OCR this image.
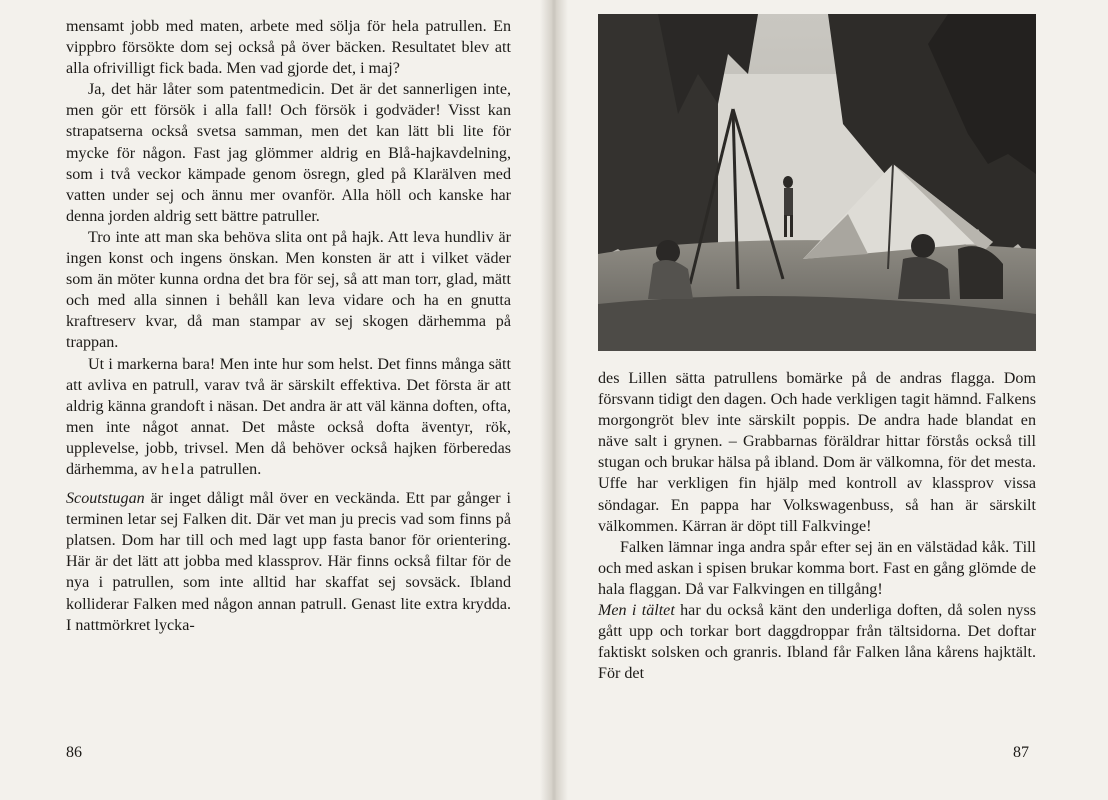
mensamt jobb med maten, arbete med sölja för hela patrullen. En vippbro försökte dom sej också på över bäcken. Resultatet blev att alla ofrivilligt fick bada. Men vad gjorde det, i maj?

Ja, det här låter som patentmedicin. Det är det sannerligen inte, men gör ett försök i alla fall! Och försök i godväder! Visst kan strapatserna också svetsa samman, men det kan lätt bli lite för mycke för någon. Fast jag glömmer aldrig en Blå-hajkavdelning, som i två veckor kämpade genom ösregn, gled på Klarälven med vatten under sej och ännu mer ovanför. Alla höll och kanske har denna jorden aldrig sett bättre patruller.

Tro inte att man ska behöva slita ont på hajk. Att leva hundliv är ingen konst och ingens önskan. Men konsten är att i vilket väder som än möter kunna ordna det bra för sej, så att man torr, glad, mätt och med alla sinnen i behåll kan leva vidare och ha en gnutta kraftreserv kvar, då man stampar av sej skogen därhemma på trappan.

Ut i markerna bara! Men inte hur som helst. Det finns många sätt att avliva en patrull, varav två är särskilt effektiva. Det första är att aldrig känna grandoft i näsan. Det andra är att väl känna doften, ofta, men inte något annat. Det måste också dofta äventyr, rök, upplevelse, jobb, trivsel. Men då behöver också hajken förberedas därhemma, av hela patrullen.

Scoutstugan är inget dåligt mål över en veckända. Ett par gånger i terminen letar sej Falken dit. Där vet man ju precis vad som finns på platsen. Dom har till och med lagt upp fasta banor för orientering. Här är det lätt att jobba med klassprov. Här finns också filtar för de nya i patrullen, som inte alltid har skaffat sej sovsäck. Ibland kolliderar Falken med någon annan patrull. Genast lite extra krydda. I nattmörkret lycka-

86

des Lillen sätta patrullens bomärke på de andras flagga. Dom försvann tidigt den dagen. Och hade verkligen tagit hämnd. Falkens morgongröt blev inte särskilt poppis. De andra hade blandat en näve salt i grynen. – Grabbarnas föräldrar hittar förstås också till stugan och brukar hälsa på ibland. Dom är välkomna, för det mesta. Uffe har verkligen fin hjälp med kontroll av klassprov vissa söndagar. En pappa har Volkswagenbuss, så han är särskilt välkommen. Kärran är döpt till Falkvinge!

Falken lämnar inga andra spår efter sej än en välstädad kåk. Till och med askan i spisen brukar komma bort. Fast en gång glömde de hala flaggan. Då var Falkvingen en tillgång!

Men i tältet har du också känt den underliga doften, då solen nyss gått upp och torkar bort daggdroppar från tältsidorna. Det doftar faktiskt solsken och granris. Ibland får Falken låna kårens hajktält. För det

87
